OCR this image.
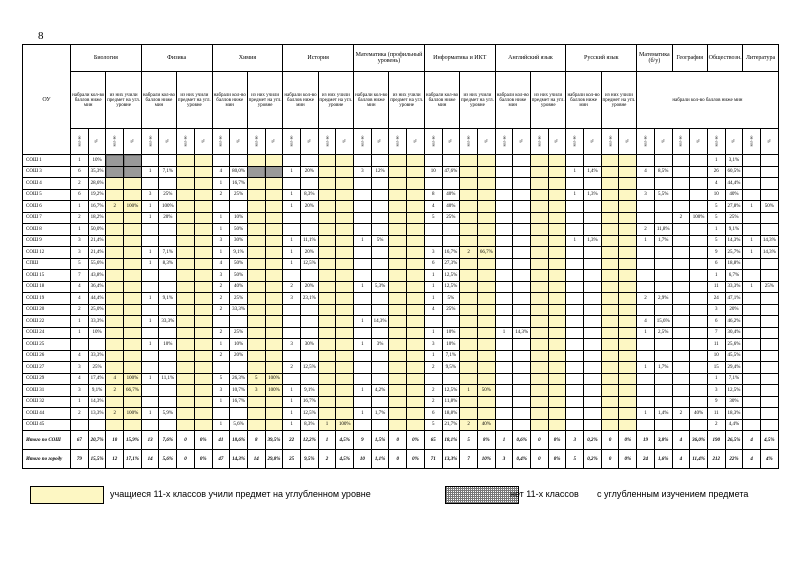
8
ОУ	Биология				Физика				Химия				История				Математика (профильный уровень)				Информатика и ИКТ				Английский язык				Русский язык				Математика (б/у)		География		Обществозн.		Литература	
	набрали кол-во баллов ниже мин		из них учили предмет на угл. уровне		набрали кол-во баллов ниже мин		из них учили предмет на угл. уровне		набрали кол-во баллов ниже мин		из них учили предмет на угл. уровне		набрали кол-во баллов ниже мин		из них учили предмет на угл. уровне		набрали кол-во баллов ниже мин		из них учили предмет на угл. уровне		набрали кол-во баллов ниже мин		из них учили предмет на угл. уровне		набрали кол-во баллов ниже мин		из них учили предмет на угл. уровне		набрали кол-во баллов ниже мин		из них учили предмет на угл. уровне		набрали кол-во баллов ниже мин							
	кол-во	%	кол-во	%	кол-во	%	кол-во	%	кол-во	%	кол-во	%	кол-во	%	кол-во	%	кол-во	%	кол-во	%	кол-во	%	кол-во	%	кол-во	%	кол-во	%	кол-во	%	кол-во	%	кол-во	%	кол-во	%	кол-во	%	кол-во	%
СОШ 1	1	10%																																			1	3,1%		
СОШ 3	6	35,3%			1	7,1%			4	80,0%			1	20%			3	12%			10	47,6%							1	1,4%			4	8,5%			26	60,5%		
СОШ 4	2	28,6%							1	16,7%																											4	44,4%		
СОШ 5	6	19,2%			3	25%			2	25%			1	8,3%							8	40%							1	1,3%			3	5,5%			10	40%		
СОШ 6	1	16,7%	2	100%	1	100%							1	20%							4	40%															5	27,8%	1	50%
СОШ 7	2	18,2%			1	20%			1	10%											5	25%													2	100%	5	25%		
СОШ 8	1	50,0%							1	50%																							2	11,8%			1	9,1%		
СОШ 9	3	21,4%							3	30%			1	11,1%			1	5%											1	1,3%			1	1,7%			5	14,3%	1	14,3%
СОШ 12	3	21,4%			1	7,1%			1	9,1%			1	20%							3	16,7%	2	66,7%													9	25,7%	1	14,3%
СПШ	5	55,6%			1	8,3%			4	50%			1	12,5%							6	27,3%															6	18,8%		
СОШ 15	7	43,8%							3	50%											1	12,5%															1	6,7%		
СОШ 18	4	36,4%							2	40%			2	20%			1	5,3%			1	12,5%															11	33,3%	1	25%
СОШ 19	4	44,4%			1	9,1%			2	25%			3	23,1%							1	5%											2	2,9%			24	47,1%		
СОШ 20	2	25,0%							2	33,3%											4	25%															3	20%		
СОШ 22	1	33,3%			1	33,3%											1	14,3%															4	15,6%			6	46,2%		
СОШ 24	1	10%							2	25%											1	10%			1	14,3%							1	2,5%			7	30,4%		
СОШ 25					1	10%			1	10%			3	30%			1	3%			3	10%															11	25,6%		
СОШ 26	4	33,3%							2	20%											1	7,1%															10	45,5%		
СОШ 27	3	25%											2	12,5%							2	9,5%											1	1,7%			15	29,4%		
СОШ 29	4	17,4%	4	100%	1	11,1%			5	26,3%	5	100%																									1	7,1%		
СОШ 31	3	9,1%	2	66,7%					3	10,7%	3	100%	1	9,1%			1	4,2%			2	12,5%	1	50%													3	12,5%		
СОШ 32	1	14,3%							1	16,7%			1	16,7%							2	11,8%															9	30%		
СОШ 44	2	13,3%	2	100%	1	5,9%							1	12,5%			1	1,7%			6	18,8%											1	1,4%	2	40%	11	18,3%		
СОШ 45									1	5,6%			1	8,3%	1	100%					5	21,7%	2	40%													2	4,4%		
Итого по СОШ	67	20,7%	10	15,9%	13	7,6%	0	0%	41	18,6%	8	39,5%	22	12,2%	1	4,5%	9	1,5%	0	0%	65	18,1%	5	8%	1	0,6%	0	0%	3	0,2%	0	0%	19	3,8%	4	36,0%	190	26,5%	4	4,5%
Итого по городу	79	15,5%	12	17,1%	14	5,6%	0	0%	47	14,3%	14	29,8%	25	9,5%	2	4,5%	10	1,1%	0	0%	71	13,3%	7	10%	3	0,4%	0	0%	5	0,2%	0	0%	24	1,6%	4	11,4%	212	22%	4	4%
учащиеся 11-х классов учили предмет на углубленном уровне	нет 11-х классов с углубленным изучением предмета
